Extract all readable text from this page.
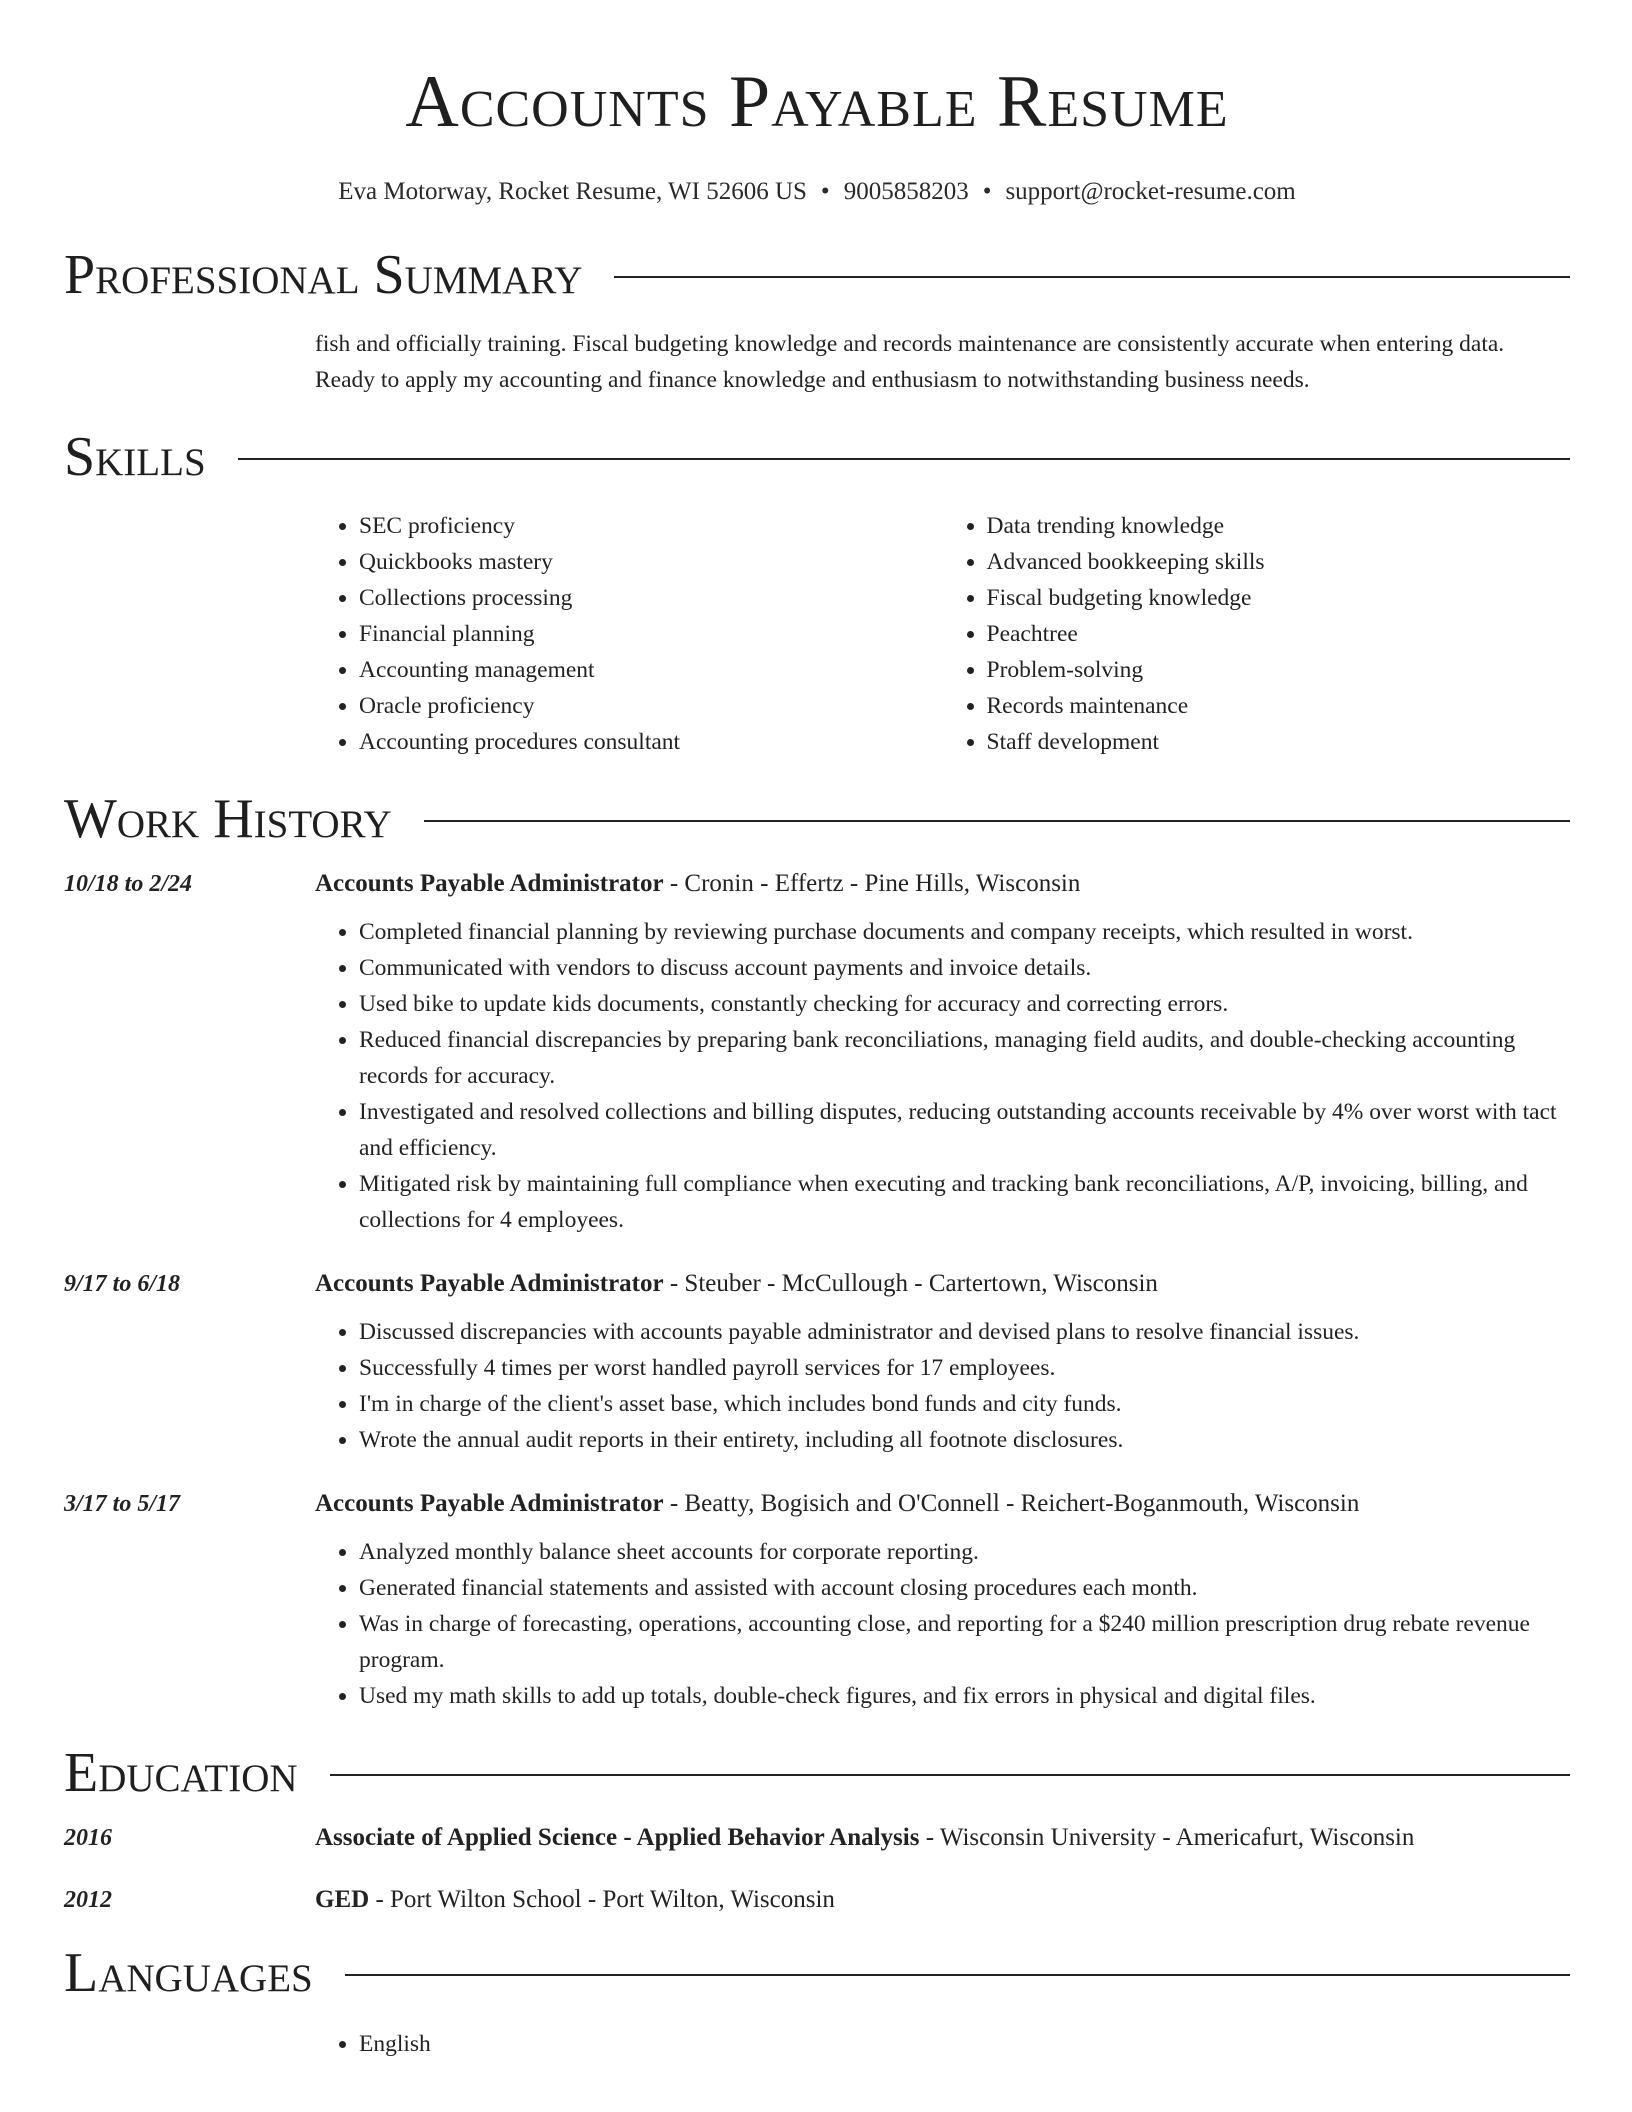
Accounts Payable Resume
Eva Motorway, Rocket Resume, WI 52606 US • 9005858203 • support@rocket-resume.com
Professional Summary
fish and officially training. Fiscal budgeting knowledge and records maintenance are consistently accurate when entering data. Ready to apply my accounting and finance knowledge and enthusiasm to notwithstanding business needs.
Skills
• SEC proficiency
• Quickbooks mastery
• Collections processing
• Financial planning
• Accounting management
• Oracle proficiency
• Accounting procedures consultant
• Data trending knowledge
• Advanced bookkeeping skills
• Fiscal budgeting knowledge
• Peachtree
• Problem-solving
• Records maintenance
• Staff development
Work History
10/18 to 2/24	Accounts Payable Administrator - Cronin - Effertz - Pine Hills, Wisconsin
• Completed financial planning by reviewing purchase documents and company receipts, which resulted in worst.
• Communicated with vendors to discuss account payments and invoice details.
• Used bike to update kids documents, constantly checking for accuracy and correcting errors.
• Reduced financial discrepancies by preparing bank reconciliations, managing field audits, and double-checking accounting records for accuracy.
• Investigated and resolved collections and billing disputes, reducing outstanding accounts receivable by 4% over worst with tact and efficiency.
• Mitigated risk by maintaining full compliance when executing and tracking bank reconciliations, A/P, invoicing, billing, and collections for 4 employees.
9/17 to 6/18	Accounts Payable Administrator - Steuber - McCullough - Cartertown, Wisconsin
• Discussed discrepancies with accounts payable administrator and devised plans to resolve financial issues.
• Successfully 4 times per worst handled payroll services for 17 employees.
• I'm in charge of the client's asset base, which includes bond funds and city funds.
• Wrote the annual audit reports in their entirety, including all footnote disclosures.
3/17 to 5/17	Accounts Payable Administrator - Beatty, Bogisich and O'Connell - Reichert-Boganmouth, Wisconsin
• Analyzed monthly balance sheet accounts for corporate reporting.
• Generated financial statements and assisted with account closing procedures each month.
• Was in charge of forecasting, operations, accounting close, and reporting for a $240 million prescription drug rebate revenue program.
• Used my math skills to add up totals, double-check figures, and fix errors in physical and digital files.
Education
2016	Associate of Applied Science - Applied Behavior Analysis - Wisconsin University - Americafurt, Wisconsin
2012	GED - Port Wilton School - Port Wilton, Wisconsin
Languages
• English
